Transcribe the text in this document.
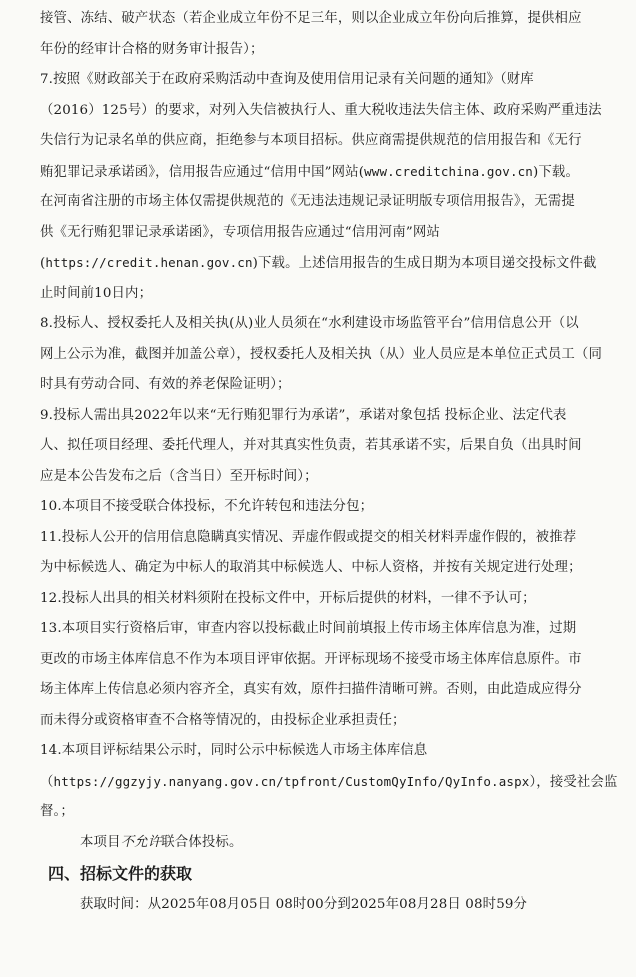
接管、冻结、破产状态（若企业成立年份不足三年，则以企业成立年份向后推算，提供相应
年份的经审计合格的财务审计报告）；
7.按照《财政部关于在政府采购活动中查询及使用信用记录有关问题的通知》（财库
（2016）125号）的要求，对列入失信被执行人、重大税收违法失信主体、政府采购严重违法
失信行为记录名单的供应商，拒绝参与本项目招标。供应商需提供规范的信用报告和《无行
贿犯罪记录承诺函》，信用报告应通过“信用中国”网站(www.creditchina.gov.cn)下载。
在河南省注册的市场主体仅需提供规范的《无违法违规记录证明版专项信用报告》，无需提
供《无行贿犯罪记录承诺函》，专项信用报告应通过“信用河南”网站
(https://credit.henan.gov.cn)下载。上述信用报告的生成日期为本项目递交投标文件截
止时间前10日内；
8.投标人、授权委托人及相关执(从)业人员须在“水利建设市场监管平台”信用信息公开（以
网上公示为准，截图并加盖公章），授权委托人及相关执（从）业人员应是本单位正式员工（同
时具有劳动合同、有效的养老保险证明）；
9.投标人需出具2022年以来“无行贿犯罪行为承诺”，承诺对象包括 投标企业、法定代表
人、拟任项目经理、委托代理人，并对其真实性负责，若其承诺不实，后果自负（出具时间
应是本公告发布之后（含当日）至开标时间）；
10.本项目不接受联合体投标，不允许转包和违法分包；
11.投标人公开的信用信息隐瞒真实情况、弄虚作假或提交的相关材料弄虚作假的，被推荐
为中标候选人、确定为中标人的取消其中标候选人、中标人资格，并按有关规定进行处理；
12.投标人出具的相关材料须附在投标文件中，开标后提供的材料，一律不予认可；
13.本项目实行资格后审，审查内容以投标截止时间前填报上传市场主体库信息为准，过期
更改的市场主体库信息不作为本项目评审依据。开评标现场不接受市场主体库信息原件。市
场主体库上传信息必须内容齐全，真实有效，原件扫描件清晰可辨。否则，由此造成应得分
而未得分或资格审查不合格等情况的，由投标企业承担责任；
14.本项目评标结果公示时，同时公示中标候选人市场主体库信息
（https://ggzyjy.nanyang.gov.cn/tpfront/CustomQyInfo/QyInfo.aspx），接受社会监
督。；
本项目不允许联合体投标。
四、招标文件的获取
获取时间：从2025年08月05日 08时00分到2025年08月28日 08时59分
